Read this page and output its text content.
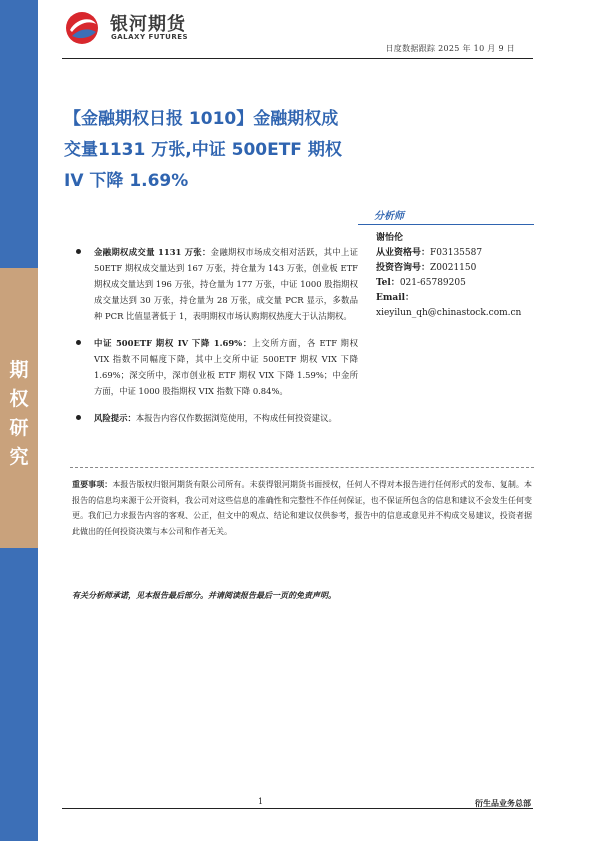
期
权
研
究
银河期货
GALAXY FUTURES
日度数据跟踪 2025 年 10 月 9 日
【金融期权日报 1010】金融期权成交量1131 万张,中证 500ETF 期权 IV 下降 1.69%
分析师
谢怡伦
从业资格号：F03135587
投资咨询号：Z0021150
Tel：021-65789205
Email：
xieyilun_qh@chinastock.com.cn
金融期权成交量 1131 万张：金融期权市场成交相对活跃，其中上证 50ETF 期权成交量达到 167 万张，持仓量为 143 万张，创业板 ETF 期权成交量达到 196 万张，持仓量为 177 万张，中证 1000 股指期权成交量达到 30 万张，持仓量为 28 万张，成交量 PCR 显示，多数品种 PCR 比值显著低于 1，表明期权市场认购期权热度大于认沽期权。
中证 500ETF 期权 IV 下降 1.69%：上交所方面，各 ETF 期权 VIX 指数不同幅度下降，其中上交所中证 500ETF 期权 VIX 下降 1.69%；深交所中，深市创业板 ETF 期权 VIX 下降 1.59%；中金所方面，中证 1000 股指期权 VIX 指数下降 0.84%。
风险提示：本报告内容仅作数据浏览使用，不构成任何投资建议。
重要事项：本报告版权归银河期货有限公司所有。未获得银河期货书面授权，任何人不得对本报告进行任何形式的发布、复制。本报告的信息均来源于公开资料，我公司对这些信息的准确性和完整性不作任何保证，也不保证所包含的信息和建议不会发生任何变更。我们已力求报告内容的客观、公正，但文中的观点、结论和建议仅供参考，报告中的信息或意见并不构成交易建议，投资者据此做出的任何投资决策与本公司和作者无关。
有关分析师承诺，见本报告最后部分。并请阅读报告最后一页的免责声明。
1	衍生品业务总部
